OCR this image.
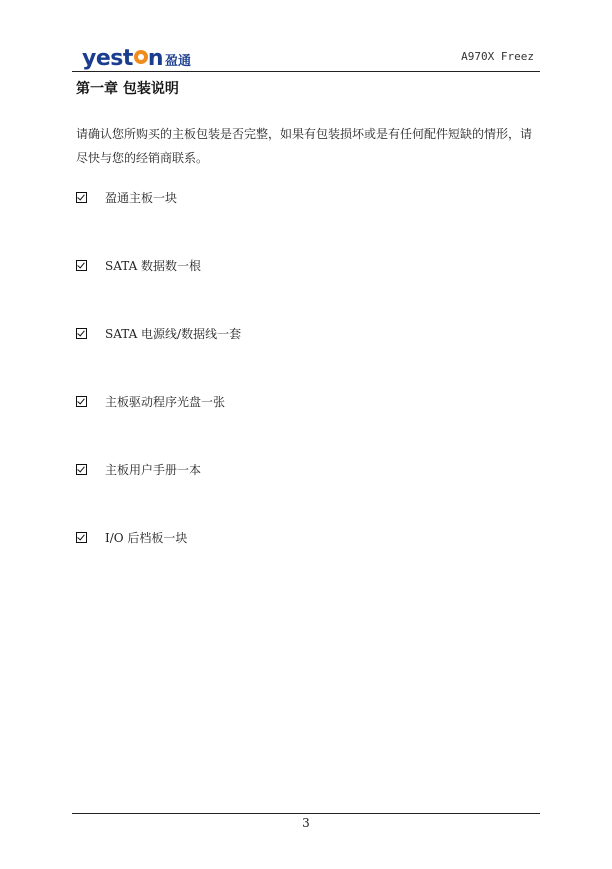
yest n 盈通	A970X Freez
第一章 包装说明

请确认您所购买的主板包装是否完整，如果有包装损坏或是有任何配件短缺的情形，请尽快与您的经销商联系。

盈通主板一块
SATA 数据数一根
SATA 电源线/数据线一套
主板驱动程序光盘一张
主板用户手册一本
I/O 后档板一块
3
